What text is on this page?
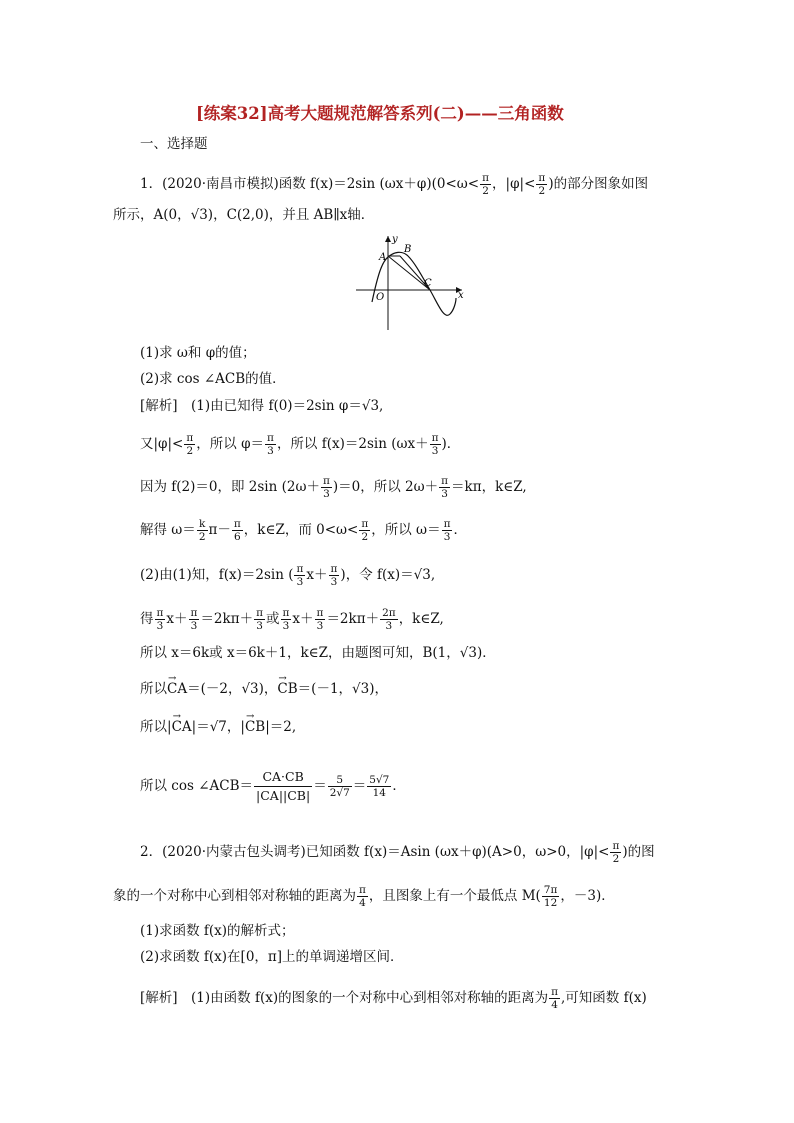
[练案32]高考大题规范解答系列(二)——三角函数
一、选择题
1．(2020·南昌市模拟)函数 f(x)＝2sin $(\omega x+\varphi)(0<\omega< \frac{\pi}{2}$ ，$|\varphi|< \frac{\pi}{2}$ )的部分图象如图
所示，A(0，√3)，C(2,0)，并且 AB∥x轴．
y
x
A
B
C
O
(1)求 ω和 φ的值；
(2)求 cos ∠ACB的值．
[解析]　(1)由已知得 f(0)＝2sin φ＝√3,
又$|\varphi|< \frac{\pi}{2}$ ，所以 $\varphi= \frac{\pi}{3}$ ，所以 f(x)＝2sin ($\omega x+ \frac{\pi}{3}$ )．
因为 f(2)＝0，即 2sin $(2\omega+ \frac{\pi}{3} )=0$，所以 $2\omega+ \frac{\pi}{3} =k\pi$，k∈Z,
解得 $\omega= \frac{k}{2} \pi- \frac{\pi}{6}$ ，k∈Z，而 $0<\omega< \frac{\pi}{2}$ ，所以 $\omega= \frac{\pi}{3}$ ．
(2)由(1)知，f(x)＝2sin ( $\frac{\pi}{3} x+ \frac{\pi}{3}$ )，令 f(x)＝√3,
得 $\frac{\pi}{3} x+ \frac{\pi}{3} =2k\pi+ \frac{\pi}{3}$ 或 $\frac{\pi}{3} x+ \frac{\pi}{3} =2k\pi+ \frac{2\pi}{3}$ ，k∈Z,
所以 x＝6k或 x＝6k＋1，k∈Z，由题图可知，B(1，√3)．
所以→ CA＝(－2，√3)，→ CB＝(－1，√3)，
所以|→ CA|＝√7，|→ CB|＝2,
所以 cos ∠ACB＝ $\frac{CA\cdot CB}{|CA||CB|} = \frac{5}{2√7} = \frac{5√7}{14}$ ．
2．(2020·内蒙古包头调考)已知函数 f(x)＝Asin (ωx＋φ)(A>0，ω>0，$|\varphi|< \frac{\pi}{2}$ )的图
象的一个对称中心到相邻对称轴的距离为 $\frac{\pi}{4}$ ，且图象上有一个最低点 $M( \frac{7\pi}{12}$ ，－3)．
(1)求函数 f(x)的解析式；
(2)求函数 f(x)在[0，π]上的单调递增区间．
[解析]　(1)由函数 f(x)的图象的一个对称中心到相邻对称轴的距离为 $\frac{\pi}{4}$ ,可知函数 f(x)
